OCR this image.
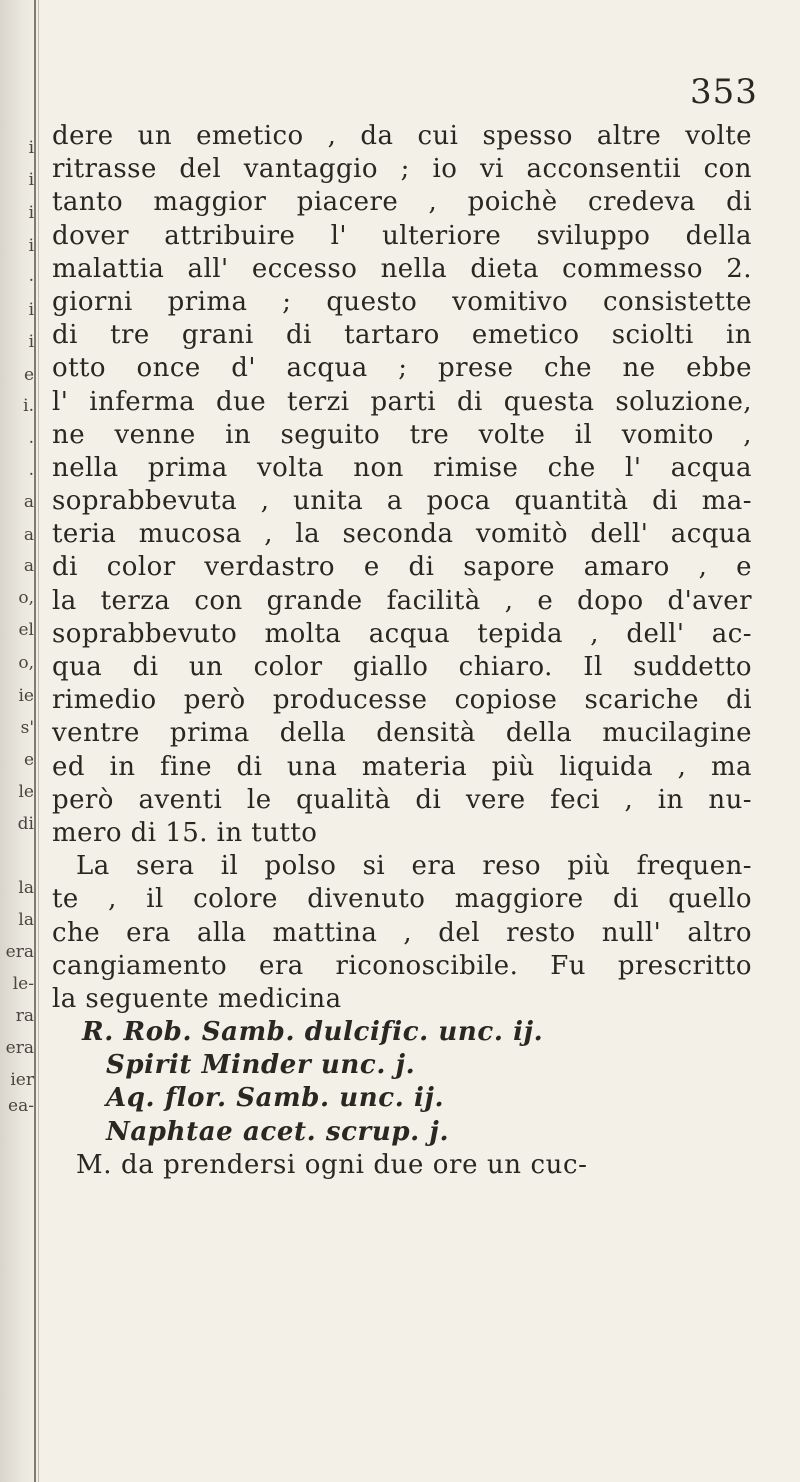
i
i
i
i
.
i
i
e
i.
.
.
a
a
a
o,
el
o,
ie
s'
e
le
di
la
la
era
le-
ra
era
ier
ea-
353
dere un emetico , da cui spesso altre volte
ritrasse del vantaggio ; io vi acconsentii con
tanto maggior piacere , poichè credeva di
dover attribuire l' ulteriore sviluppo della
malattia all' eccesso nella dieta commesso 2.
giorni prima ; questo vomitivo consistette
di tre grani di tartaro emetico sciolti in
otto once d' acqua ; prese che ne ebbe
l' inferma due terzi parti di questa soluzione,
ne venne in seguito tre volte il vomito ,
nella prima volta non rimise che l' acqua
soprabbevuta , unita a poca quantità di ma-
teria mucosa , la seconda vomitò dell' acqua
di color verdastro e di sapore amaro , e
la terza con grande facilità , e dopo d'aver
soprabbevuto molta acqua tepida , dell' ac-
qua di un color giallo chiaro. Il suddetto
rimedio però producesse copiose scariche di
ventre prima della densità della mucilagine
ed in fine di una materia più liquida , ma
però aventi le qualità di vere feci , in nu-
mero di 15. in tutto
La sera il polso si era reso più frequen-
te , il colore divenuto maggiore di quello
che era alla mattina , del resto null' altro
cangiamento era riconoscibile. Fu prescritto
la seguente medicina
R. Rob. Samb. dulcific. unc. ij.
Spirit Minder unc. j.
Aq. flor. Samb. unc. ij.
Naphtae acet. scrup. j.
M. da prendersi ogni due ore un cuc-
